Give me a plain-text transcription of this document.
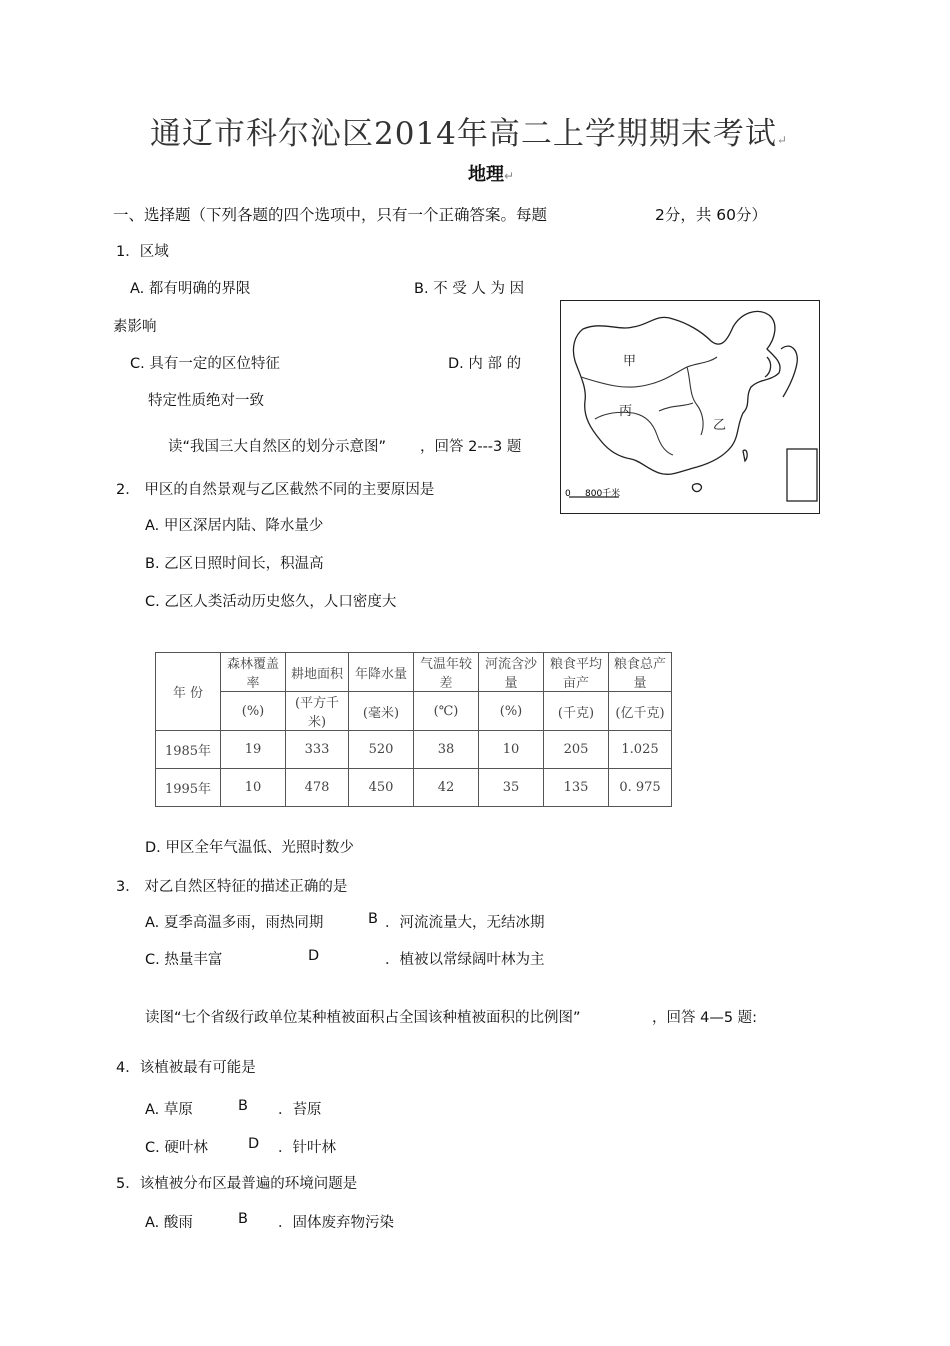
通辽市科尔沁区2014年高二上学期期末考试↵
地理↵
一、选择题（下列各题的四个选项中，只有一个正确答案。每题	2分，共 60分）
1．区域
A. 都有明确的界限	B. 不 受 人 为 因
素影响
C. 具有一定的区位特征	D. 内 部 的
特定性质绝对一致
读“我国三大自然区的划分示意图” ，回答 2---3 题
甲
丙
乙
0 800千米
2． 甲区的自然景观与乙区截然不同的主要原因是
A. 甲区深居内陆、降水量少
B. 乙区日照时间长，积温高
C. 乙区人类活动历史悠久，人口密度大
年 份	森林覆盖率	耕地面积	年降水量	气温年较差	河流含沙量	粮食平均亩产	粮食总产量
	(%)	(平方千米)	(毫米)	(℃)	(%)	(千克)	(亿千克)
1985年	19	333	520	38	10	205	1.025
1995年	10	478	450	42	35	135	0. 975
D. 甲区全年气温低、光照时数少
3． 对乙自然区特征的描述正确的是
A. 夏季高温多雨，雨热同期	B ．河流流量大，无结冰期
C. 热量丰富	D	．植被以常绿阔叶林为主
读图“七个省级行政单位某种植被面积占全国该种植被面积的比例图”	，回答 4—5 题:
4．该植被最有可能是
A. 草原	B ．苔原
C. 硬叶林	D ．针叶林
5．该植被分布区最普遍的环境问题是
A. 酸雨	B ．固体废弃物污染
